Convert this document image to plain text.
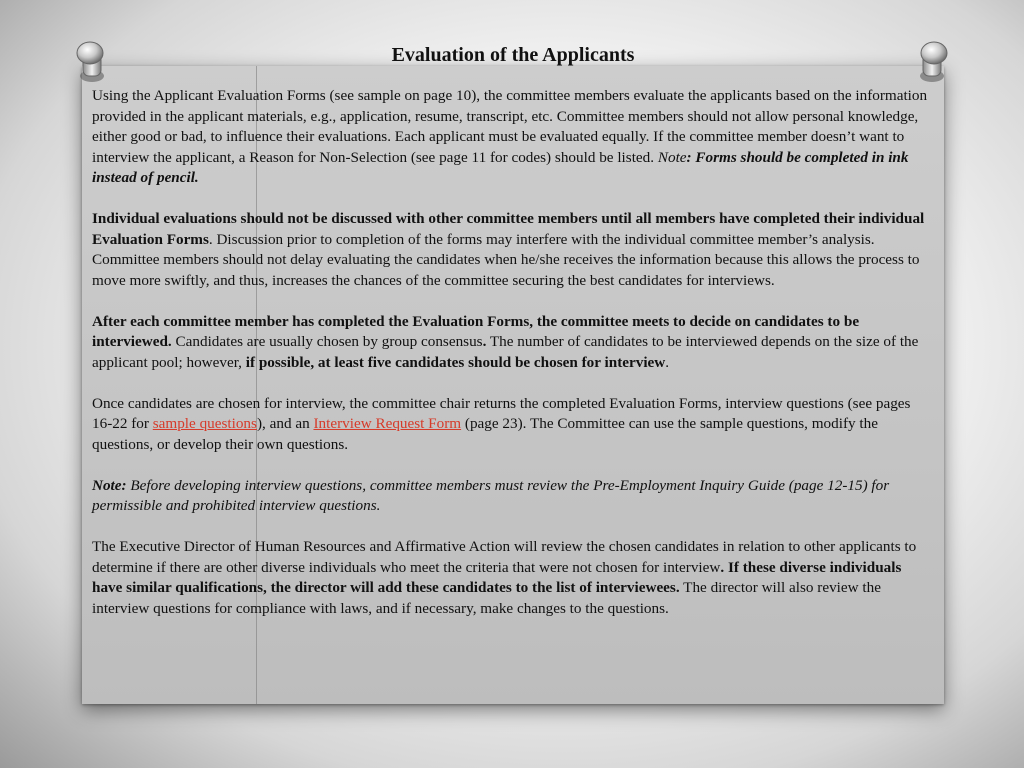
Evaluation of the Applicants
Using the Applicant Evaluation Forms (see sample on page 10), the committee members evaluate the applicants based on the information provided in the applicant materials, e.g., application, resume, transcript, etc. Committee members should not allow personal knowledge, either good or bad, to influence their evaluations. Each applicant must be evaluated equally. If the committee member doesn’t want to interview the applicant, a Reason for Non-Selection (see page 11 for codes) should be listed. Note: Forms should be completed in ink instead of pencil.
Individual evaluations should not be discussed with other committee members until all members have completed their individual Evaluation Forms. Discussion prior to completion of the forms may interfere with the individual committee member’s analysis. Committee members should not delay evaluating the candidates when he/she receives the information because this allows the process to move more swiftly, and thus, increases the chances of the committee securing the best candidates for interviews.
After each committee member has completed the Evaluation Forms, the committee meets to decide on candidates to be interviewed. Candidates are usually chosen by group consensus. The number of candidates to be interviewed depends on the size of the applicant pool; however, if possible, at least five candidates should be chosen for interview.
Once candidates are chosen for interview, the committee chair returns the completed Evaluation Forms, interview questions (see pages 16-22 for sample questions), and an Interview Request Form (page 23). The Committee can use the sample questions, modify the questions, or develop their own questions.
Note: Before developing interview questions, committee members must review the Pre-Employment Inquiry Guide (page 12-15) for permissible and prohibited interview questions.
The Executive Director of Human Resources and Affirmative Action will review the chosen candidates in relation to other applicants to determine if there are other diverse individuals who meet the criteria that were not chosen for interview. If these diverse individuals have similar qualifications, the director will add these candidates to the list of interviewees. The director will also review the interview questions for compliance with laws, and if necessary, make changes to the questions.
